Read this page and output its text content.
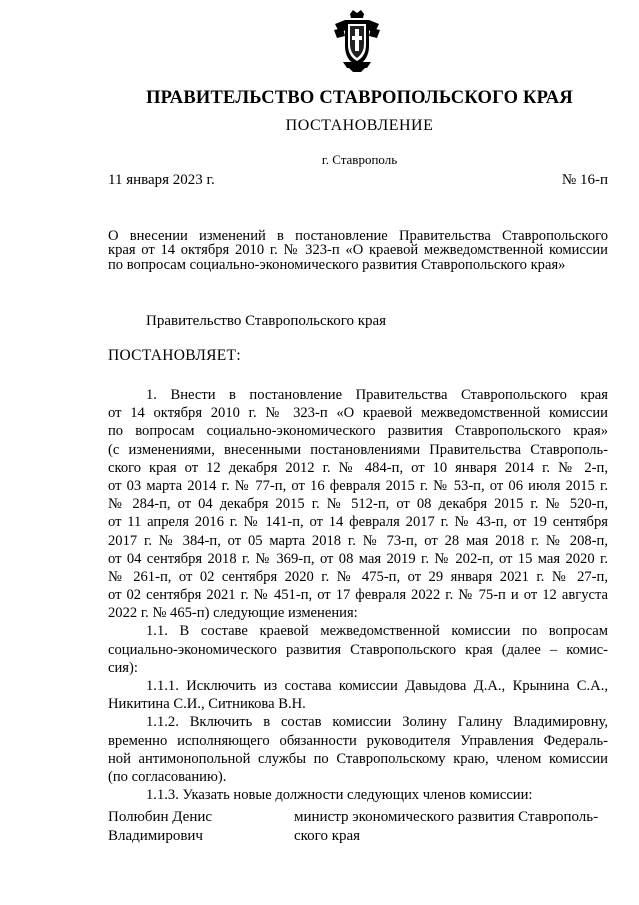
ПРАВИТЕЛЬСТВО СТАВРОПОЛЬСКОГО КРАЯ
ПОСТАНОВЛЕНИЕ
г. Ставрополь
11 января 2023 г.	№ 16-п
О внесении изменений в постановление Правительства Ставропольского
края от 14 октября 2010 г. № 323-п «О краевой межведомственной комиссии
по вопросам социально-экономического развития Ставропольского края»
Правительство Ставропольского края
ПОСТАНОВЛЯЕТ:
1. Внести в постановление Правительства Ставропольского края
от 14 октября 2010 г. № 323-п «О краевой межведомственной комиссии
по вопросам социально-экономического развития Ставропольского края»
(с изменениями, внесенными постановлениями Правительства Ставрополь-
ского края от 12 декабря 2012 г. № 484-п, от 10 января 2014 г. № 2-п,
от 03 марта 2014 г. № 77-п, от 16 февраля 2015 г. № 53-п, от 06 июля 2015 г.
№ 284-п, от 04 декабря 2015 г. № 512-п, от 08 декабря 2015 г. № 520-п,
от 11 апреля 2016 г. № 141-п, от 14 февраля 2017 г. № 43-п, от 19 сентября
2017 г. № 384-п, от 05 марта 2018 г. № 73-п, от 28 мая 2018 г. № 208-п,
от 04 сентября 2018 г. № 369-п, от 08 мая 2019 г. № 202-п, от 15 мая 2020 г.
№ 261-п, от 02 сентября 2020 г. № 475-п, от 29 января 2021 г. № 27-п,
от 02 сентября 2021 г. № 451-п, от 17 февраля 2022 г. № 75-п и от 12 августа
2022 г. № 465-п) следующие изменения:
1.1. В составе краевой межведомственной комиссии по вопросам
социально-экономического развития Ставропольского края (далее – комис-
сия):
1.1.1. Исключить из состава комиссии Давыдова Д.А., Крынина С.А.,
Никитина С.И., Ситникова В.Н.
1.1.2. Включить в состав комиссии Золину Галину Владимировну,
временно исполняющего обязанности руководителя Управления Федераль-
ной антимонопольной службы по Ставропольскому краю, членом комиссии
(по согласованию).
1.1.3. Указать новые должности следующих членов комиссии:
Полюбин Денис
Владимирович
министр экономического развития Ставрополь-
ского края
